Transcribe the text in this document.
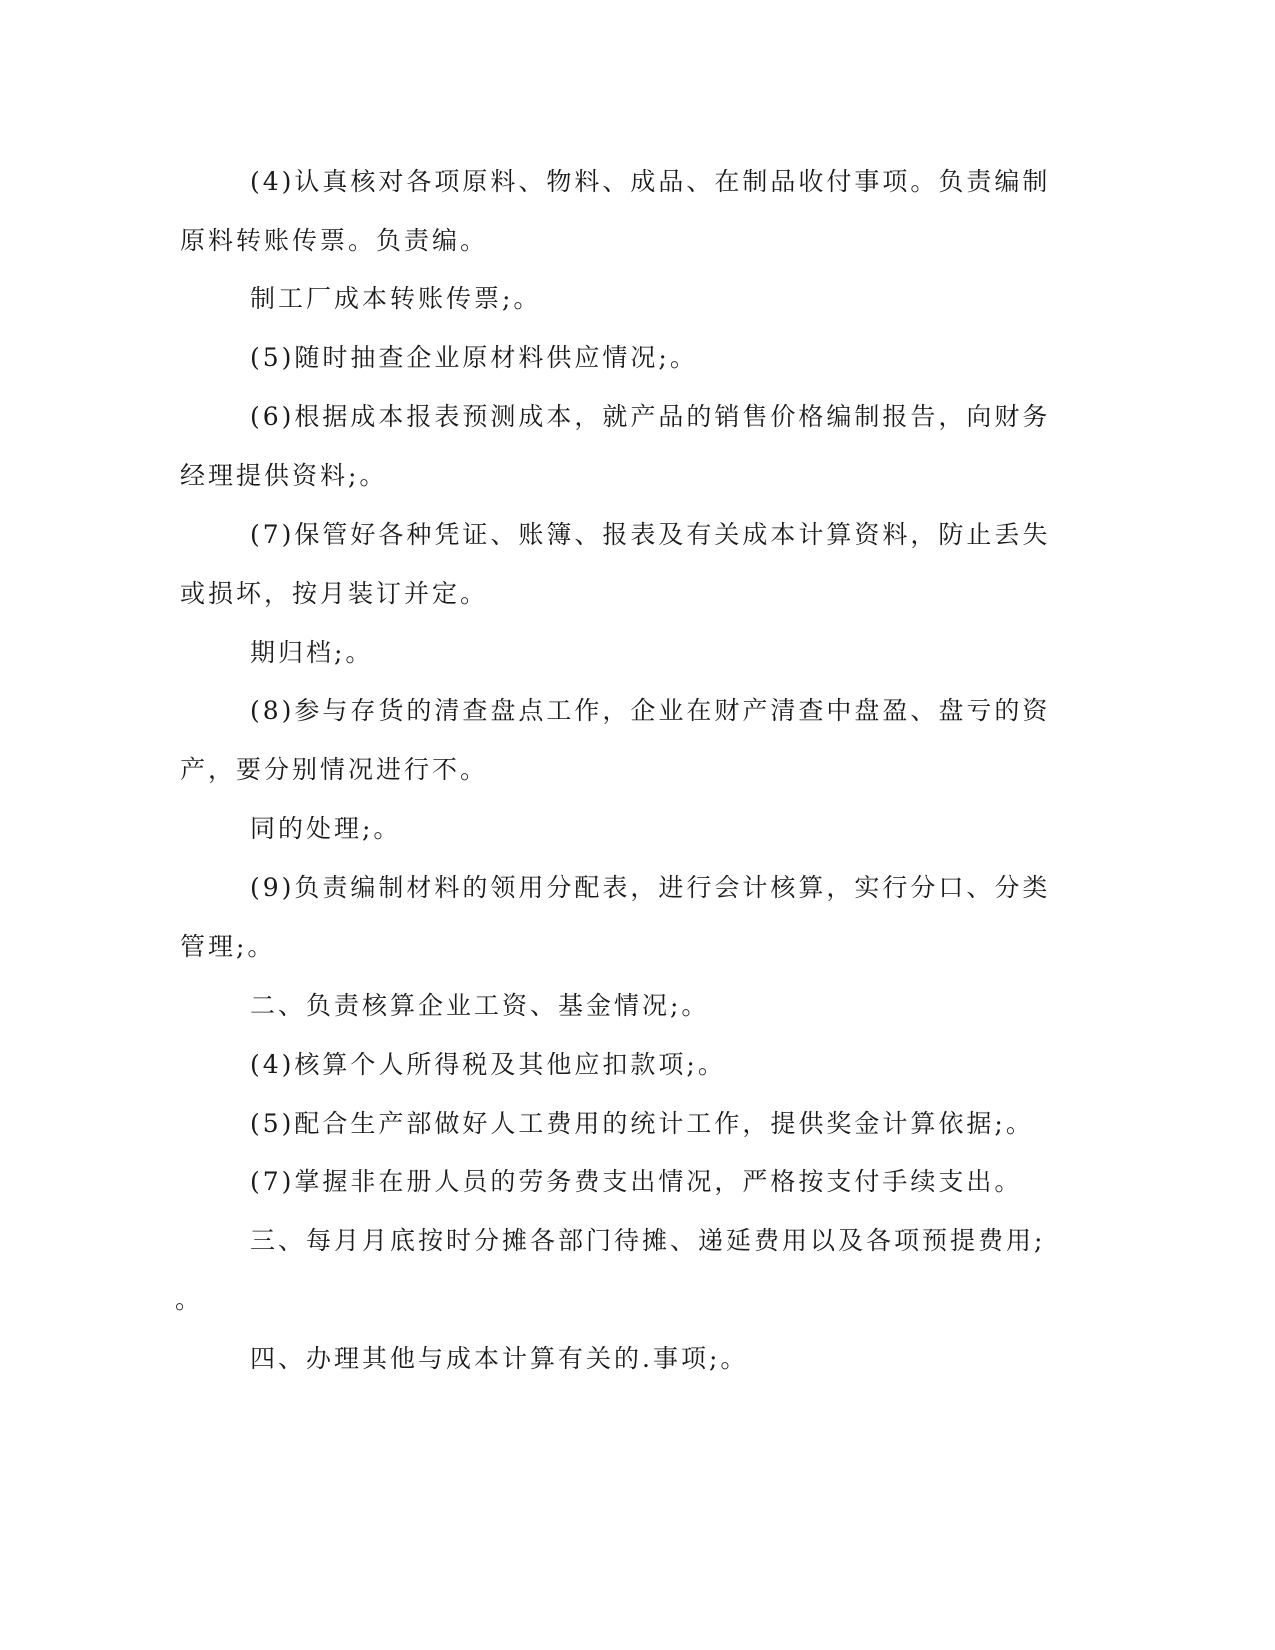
(4)认真核对各项原料、物料、成品、在制品收付事项。负责编制
原料转账传票。负责编。
制工厂成本转账传票;。
(5)随时抽查企业原材料供应情况;。
(6)根据成本报表预测成本，就产品的销售价格编制报告，向财务
经理提供资料;。
(7)保管好各种凭证、账簿、报表及有关成本计算资料，防止丢失
或损坏，按月装订并定。
期归档;。
(8)参与存货的清查盘点工作，企业在财产清查中盘盈、盘亏的资
产，要分别情况进行不。
同的处理;。
(9)负责编制材料的领用分配表，进行会计核算，实行分口、分类
管理;。
二、负责核算企业工资、基金情况;。
(4)核算个人所得税及其他应扣款项;。
(5)配合生产部做好人工费用的统计工作，提供奖金计算依据;。
(7)掌握非在册人员的劳务费支出情况，严格按支付手续支出。
三、每月月底按时分摊各部门待摊、递延费用以及各项预提费用;
。
四、办理其他与成本计算有关的.事项;。
